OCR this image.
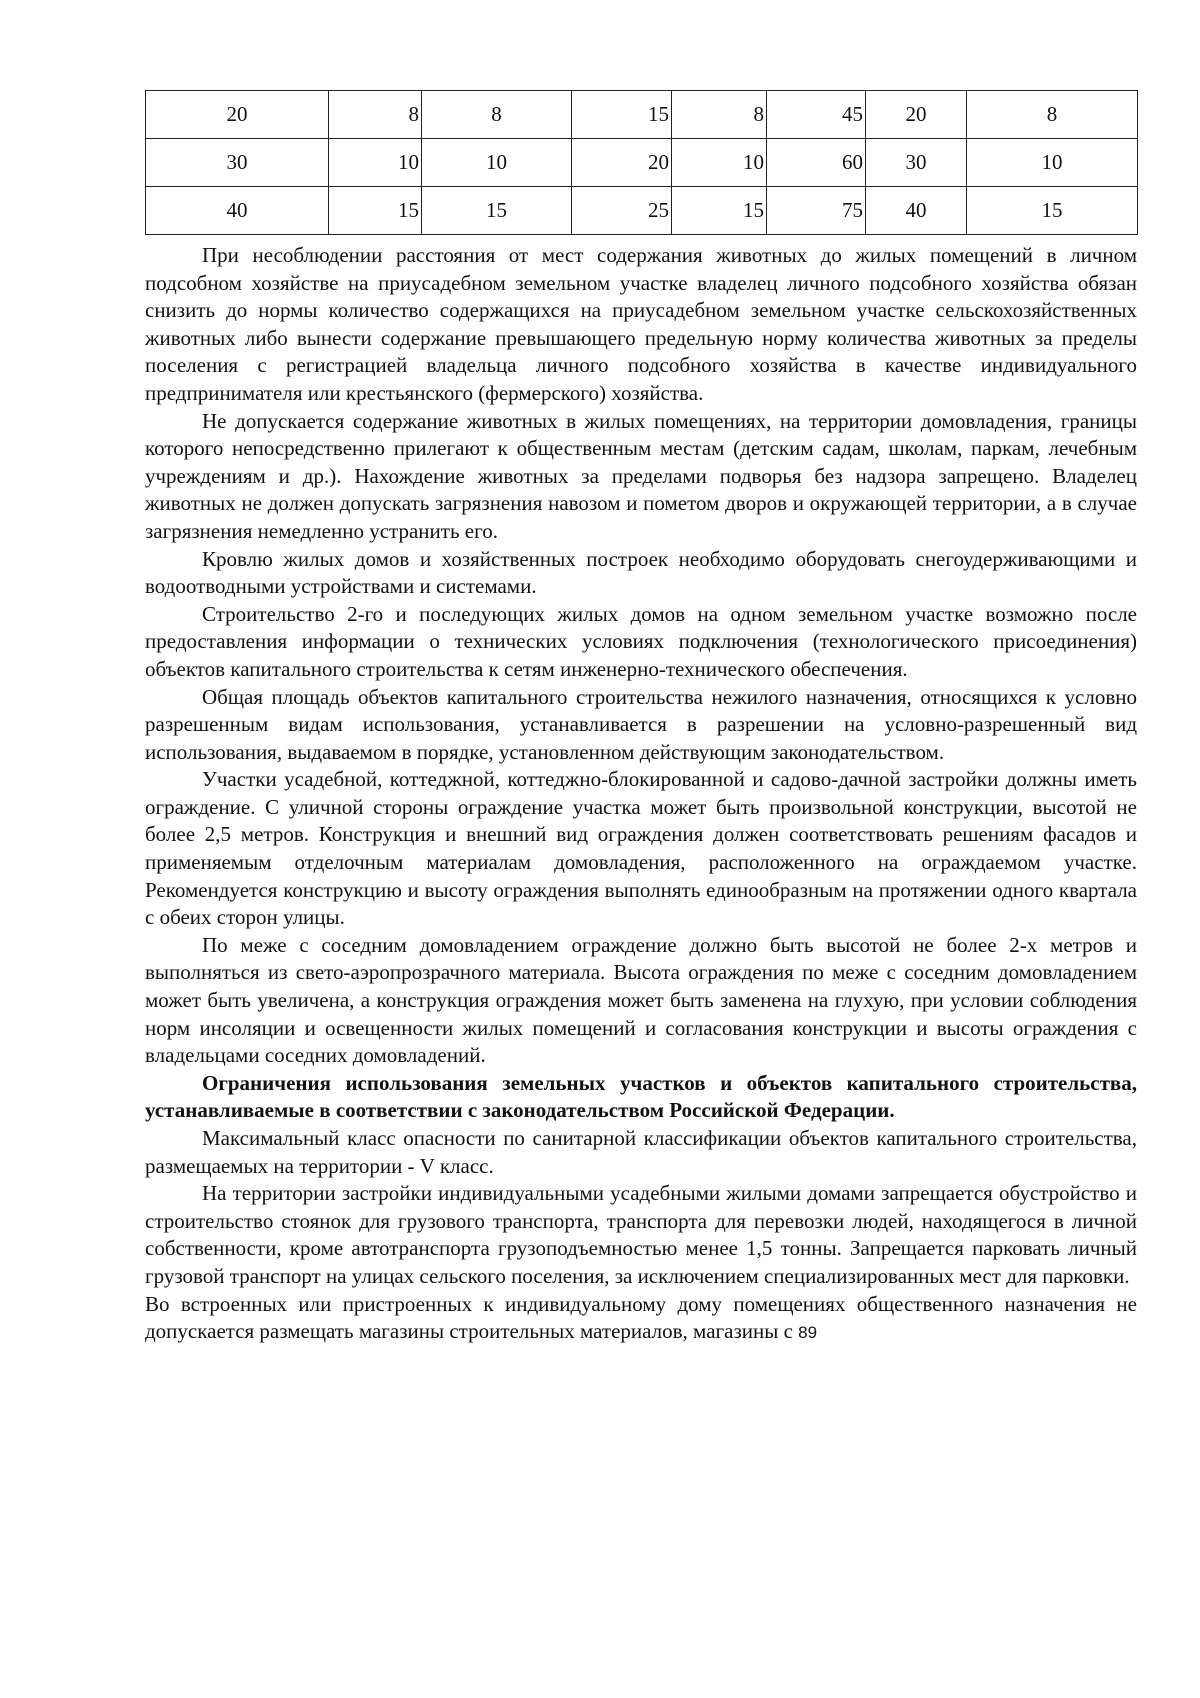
20	8	8	15	8	45	20	8
30	10	10	20	10	60	30	10
40	15	15	25	15	75	40	15

При несоблюдении расстояния от мест содержания животных до жилых помещений в личном подсобном хозяйстве на приусадебном земельном участке владелец личного подсобного хозяйства обязан снизить до нормы количество содержащихся на приусадебном земельном участке сельскохозяйственных животных либо вынести содержание превышающего предельную норму количества животных за пределы поселения с регистрацией владельца личного подсобного хозяйства в качестве индивидуального предпринимателя или крестьянского (фермерского) хозяйства.

Не допускается содержание животных в жилых помещениях, на территории домовладения, границы которого непосредственно прилегают к общественным местам (детским садам, школам, паркам, лечебным учреждениям и др.). Нахождение животных за пределами подворья без надзора запрещено. Владелец животных не должен допускать загрязнения навозом и пометом дворов и окружающей территории, а в случае загрязнения немедленно устранить его.

Кровлю жилых домов и хозяйственных построек необходимо оборудовать снегоудерживающими и водоотводными устройствами и системами.

Строительство 2-го и последующих жилых домов на одном земельном участке возможно после предоставления информации о технических условиях подключения (технологического присоединения) объектов капитального строительства к сетям инженерно-технического обеспечения.

Общая площадь объектов капитального строительства нежилого назначения, относящихся к условно разрешенным видам использования, устанавливается в разрешении на условно-разрешенный вид использования, выдаваемом в порядке, установленном действующим законодательством.

Участки усадебной, коттеджной, коттеджно-блокированной и садово-дачной застройки должны иметь ограждение. С уличной стороны ограждение участка может быть произвольной конструкции, высотой не более 2,5 метров. Конструкция и внешний вид ограждения должен соответствовать решениям фасадов и применяемым отделочным материалам домовладения, расположенного на ограждаемом участке. Рекомендуется конструкцию и высоту ограждения выполнять единообразным на протяжении одного квартала с обеих сторон улицы.

По меже с соседним домовладением ограждение должно быть высотой не более 2-х метров и выполняться из свето-аэропрозрачного материала. Высота ограждения по меже с соседним домовладением может быть увеличена, а конструкция ограждения может быть заменена на глухую, при условии соблюдения норм инсоляции и освещенности жилых помещений и согласования конструкции и высоты ограждения с владельцами соседних домовладений.

Ограничения использования земельных участков и объектов капитального строительства, устанавливаемые в соответствии с законодательством Российской Федерации.

Максимальный класс опасности по санитарной классификации объектов капитального строительства, размещаемых на территории - V класс.

На территории застройки индивидуальными усадебными жилыми домами запрещается обустройство и строительство стоянок для грузового транспорта, транспорта для перевозки людей, находящегося в личной собственности, кроме автотранспорта грузоподъемностью менее 1,5 тонны. Запрещается парковать личный грузовой транспорт на улицах сельского поселения, за исключением специализированных мест для парковки.

Во встроенных или пристроенных к индивидуальному дому помещениях общественного назначения не допускается размещать магазины строительных материалов, магазины с 89
